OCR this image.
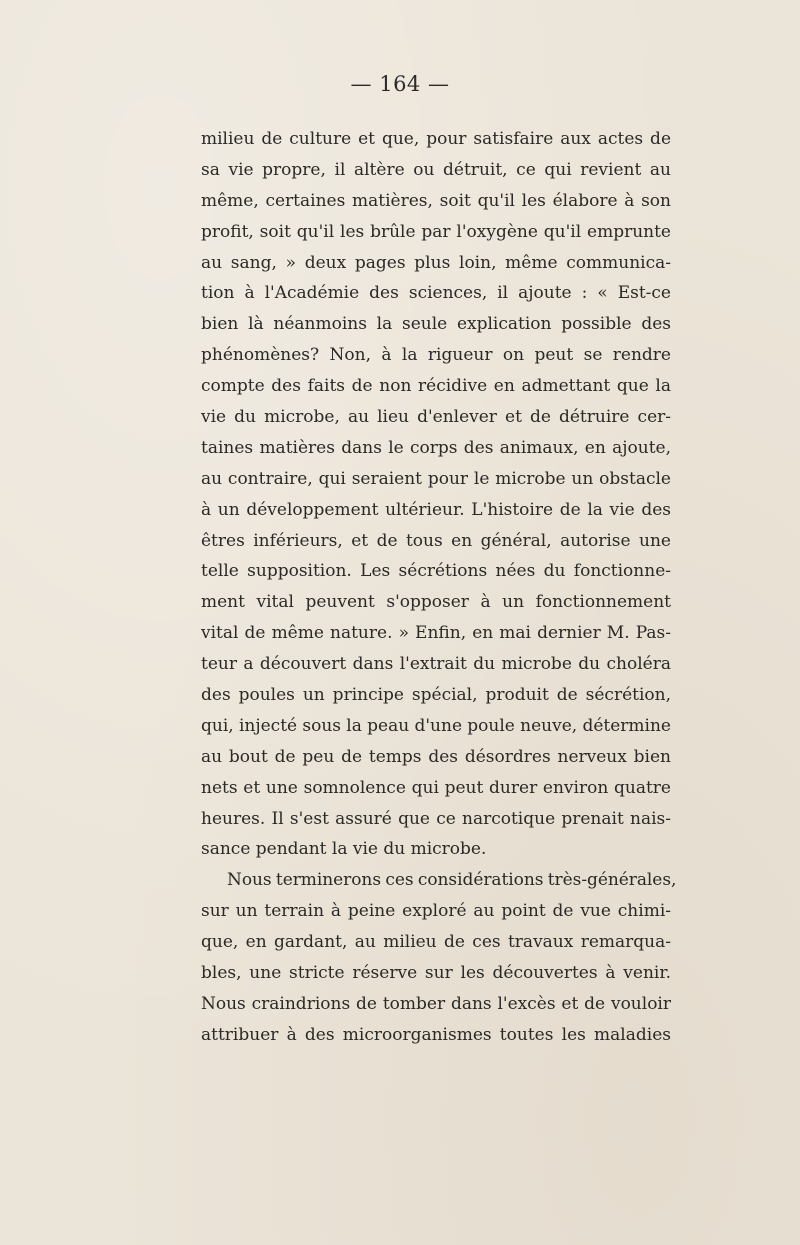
— 164 —
milieu de culture et que, pour satisfaire aux actes de
sa vie propre, il altère ou détruit, ce qui revient au
même, certaines matières, soit qu'il les élabore à son
profit, soit qu'il les brûle par l'oxygène qu'il emprunte
au sang, » deux pages plus loin, même communica-
tion à l'Académie des sciences, il ajoute : « Est-ce
bien là néanmoins la seule explication possible des
phénomènes? Non, à la rigueur on peut se rendre
compte des faits de non récidive en admettant que la
vie du microbe, au lieu d'enlever et de détruire cer-
taines matières dans le corps des animaux, en ajoute,
au contraire, qui seraient pour le microbe un obstacle
à un développement ultérieur. L'histoire de la vie des
êtres inférieurs, et de tous en général, autorise une
telle supposition. Les sécrétions nées du fonctionne-
ment vital peuvent s'opposer à un fonctionnement
vital de même nature. » Enfin, en mai dernier M. Pas-
teur a découvert dans l'extrait du microbe du choléra
des poules un principe spécial, produit de sécrétion,
qui, injecté sous la peau d'une poule neuve, détermine
au bout de peu de temps des désordres nerveux bien
nets et une somnolence qui peut durer environ quatre
heures. Il s'est assuré que ce narcotique prenait nais-
sance pendant la vie du microbe.
Nous terminerons ces considérations très-générales,
sur un terrain à peine exploré au point de vue chimi-
que, en gardant, au milieu de ces travaux remarqua-
bles, une stricte réserve sur les découvertes à venir.
Nous craindrions de tomber dans l'excès et de vouloir
attribuer à des microorganismes toutes les maladies
